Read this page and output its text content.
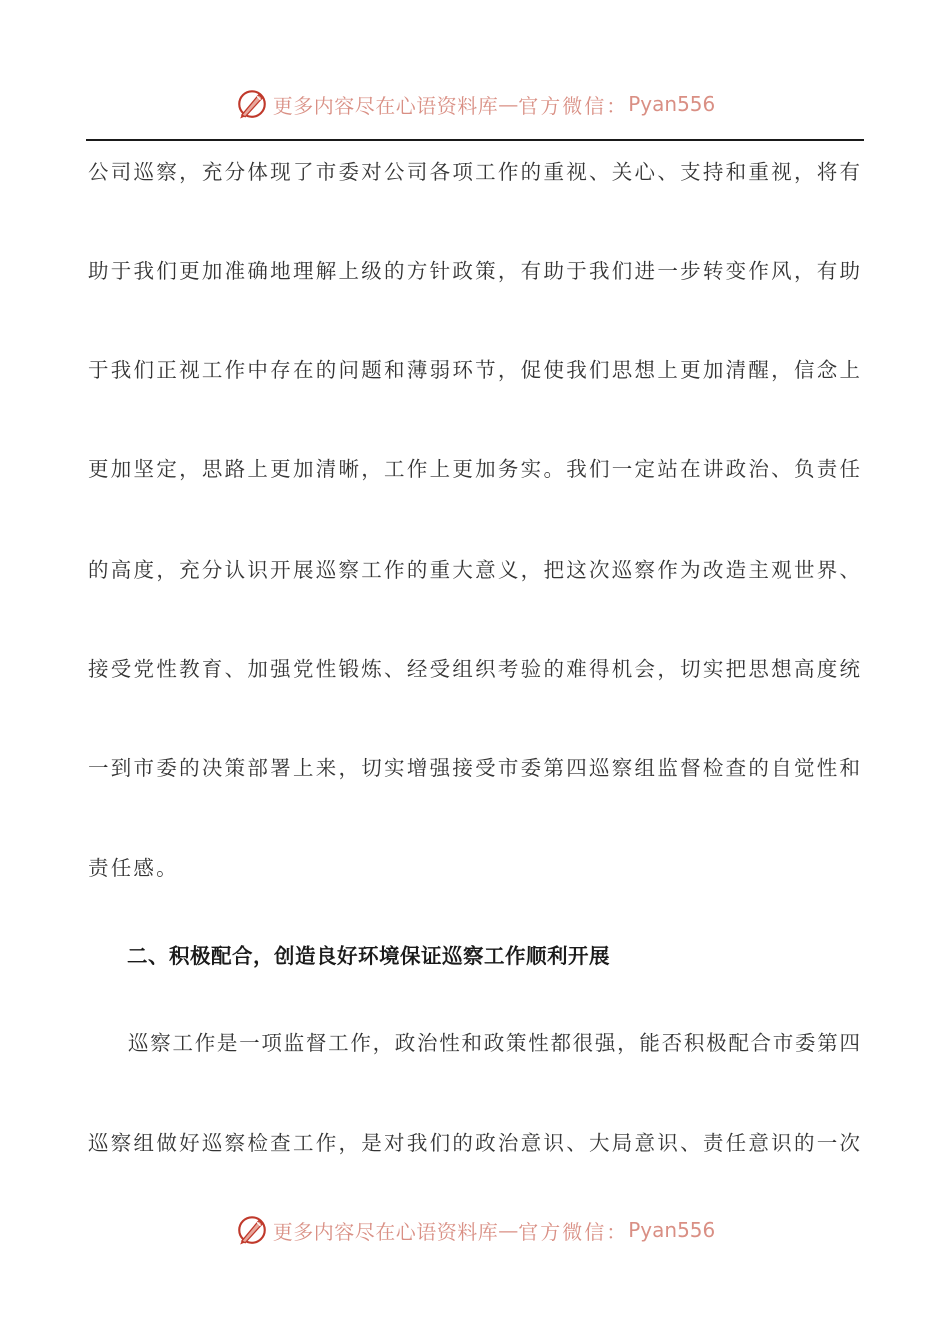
更多内容尽在心语资料库 — 官方微信： Pyan556
公司巡察，充分体现了市委对公司各项工作的重视、关心、支持和重视，将有
助于我们更加准确地理解上级的方针政策，有助于我们进一步转变作风，有助
于我们正视工作中存在的问题和薄弱环节，促使我们思想上更加清醒，信念上
更加坚定，思路上更加清晰，工作上更加务实。我们一定站在讲政治、负责任
的高度，充分认识开展巡察工作的重大意义，把这次巡察作为改造主观世界、
接受党性教育、加强党性锻炼、经受组织考验的难得机会，切实把思想高度统
一到市委的决策部署上来，切实增强接受市委第四巡察组监督检查的自觉性和
责任感。
二、积极配合，创造良好环境保证巡察工作顺利开展
巡察工作是一项监督工作，政治性和政策性都很强，能否积极配合市委第四
巡察组做好巡察检查工作，是对我们的政治意识、大局意识、责任意识的一次
更多内容尽在心语资料库 — 官方微信： Pyan556
